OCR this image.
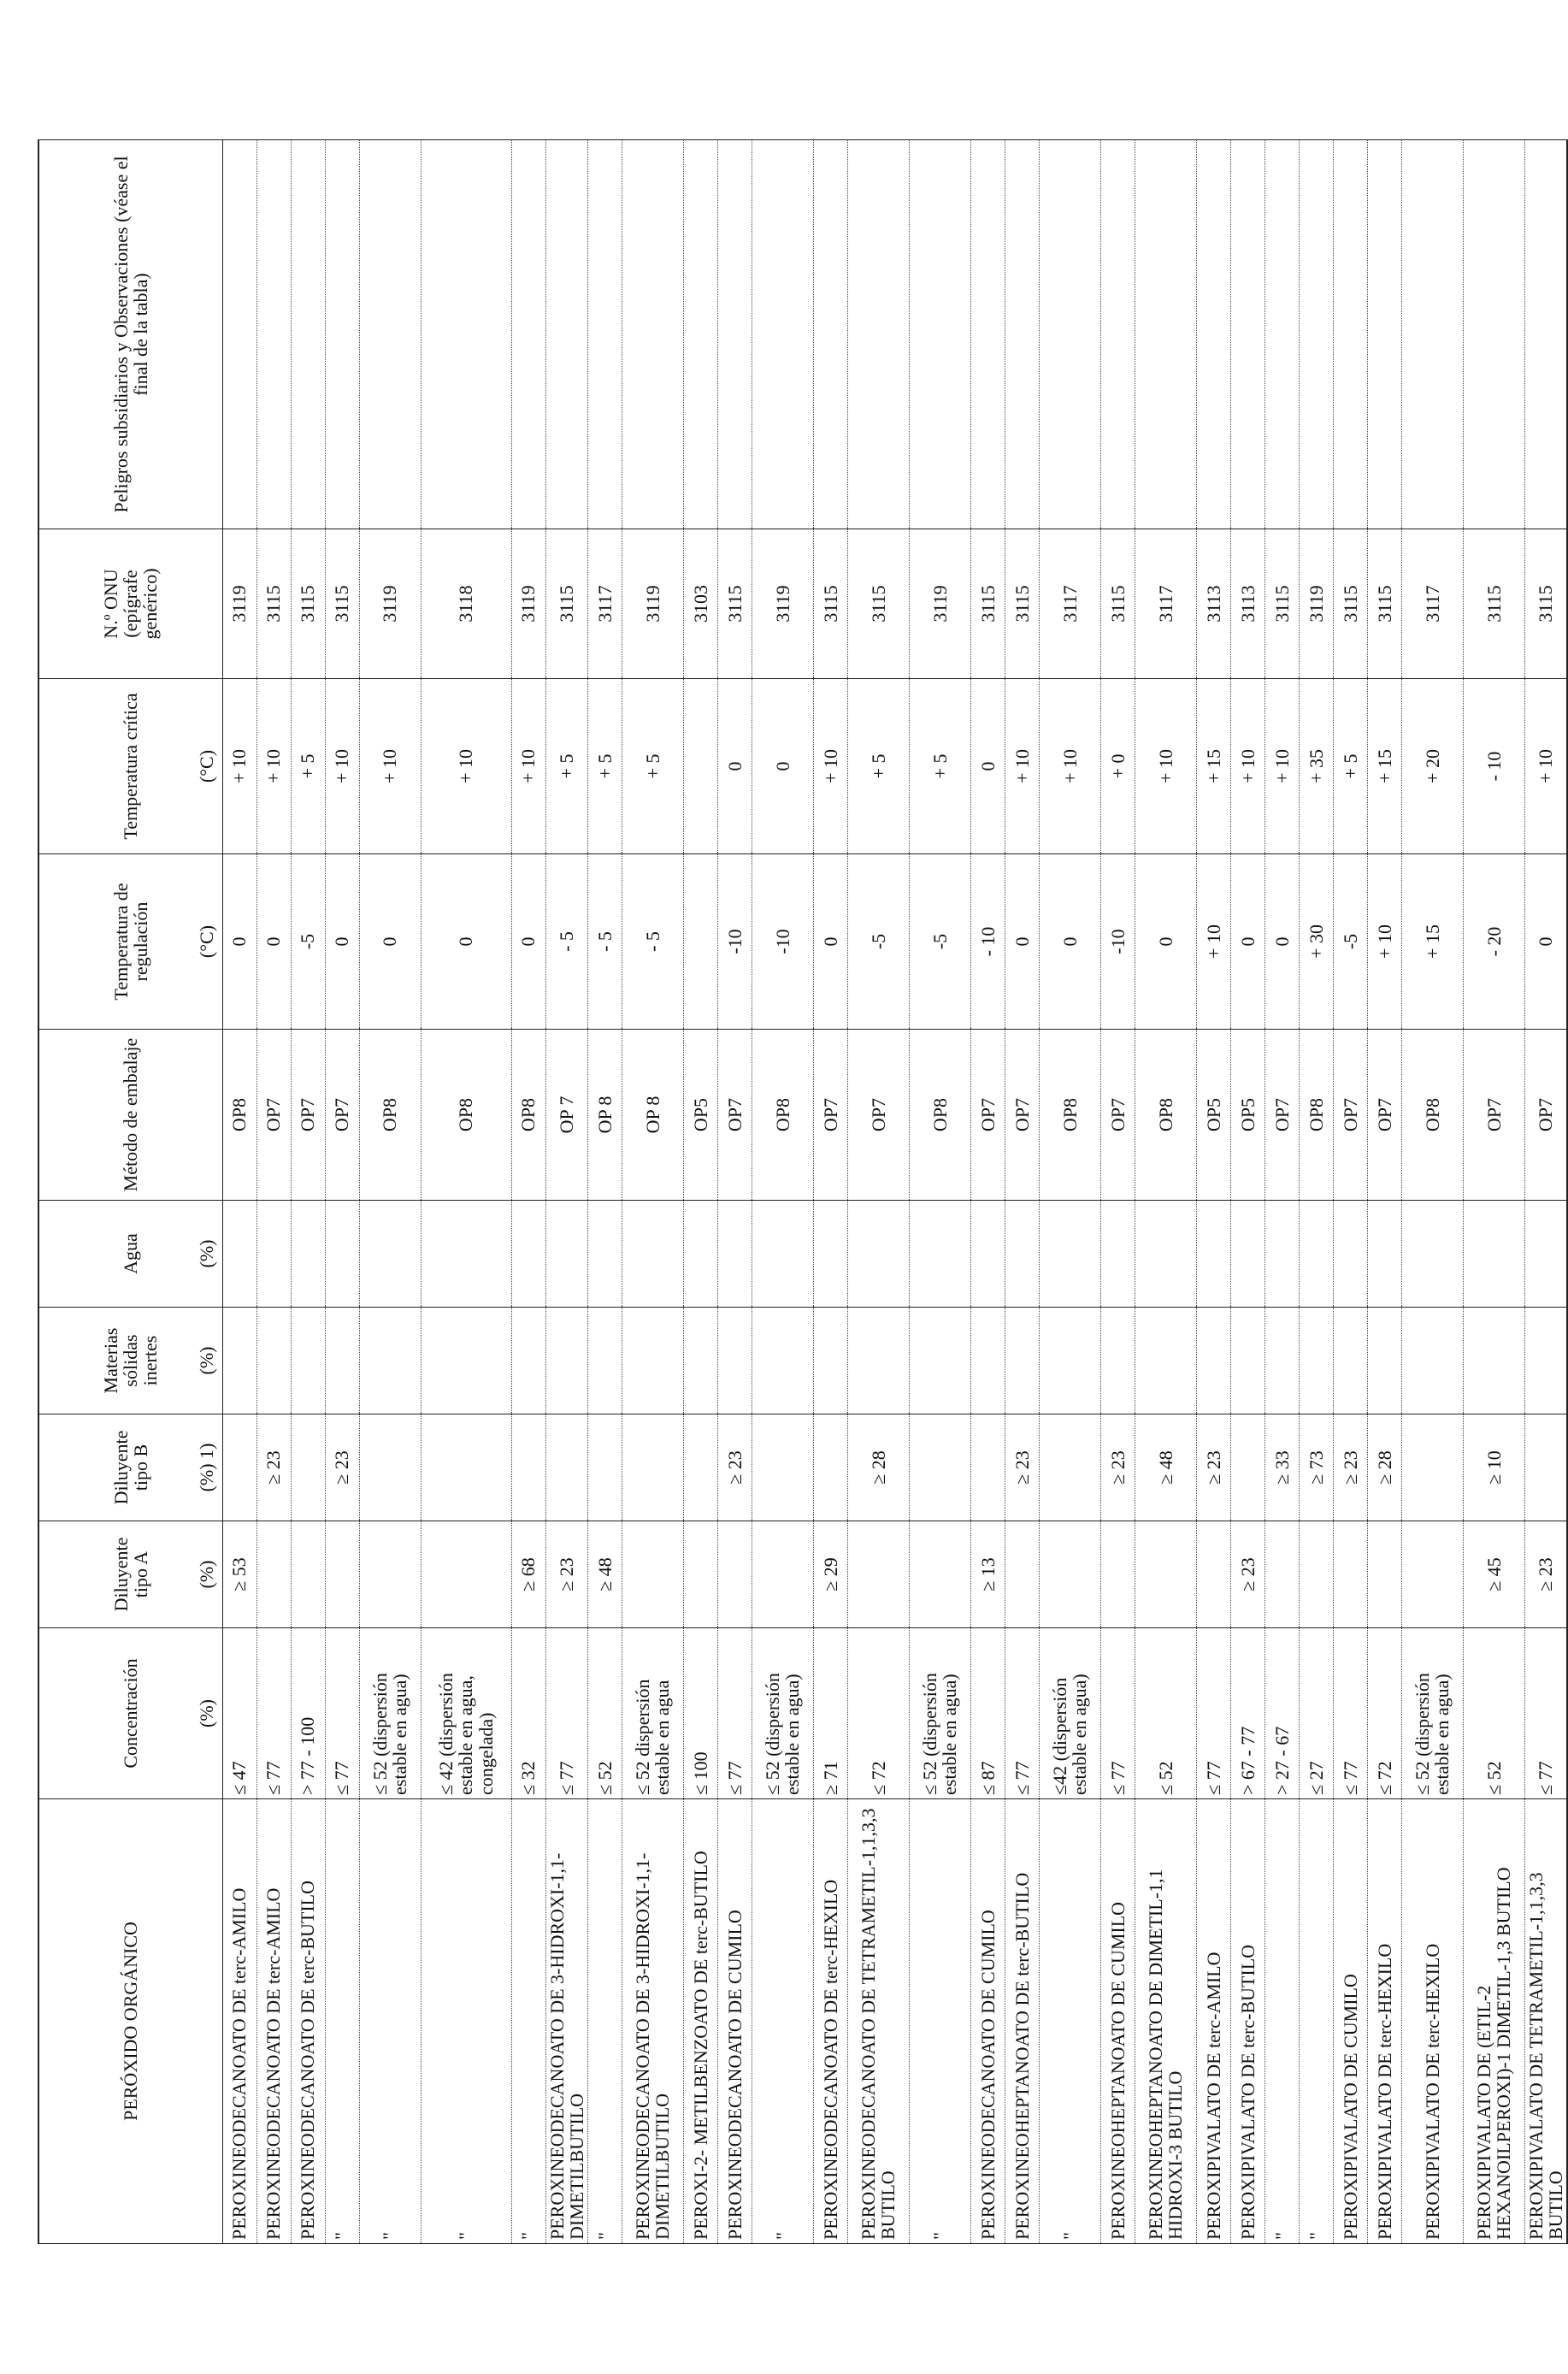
PERÓXIDO ORGÁNICO	Concentración (%)	Diluyente tipo A (%)	Diluyente tipo B (%) 1)	Materias sólidas inertes (%)	Agua (%)	Método de embalaje	Temperatura de regulación (°C)	Temperatura crítica (°C)	N.º ONU (epígrafe genérico)	Peligros subsidiarios y Observaciones (véase el final de la tabla)

PEROXINEODECANOATO DE terc-AMILO	≤ 47	≥ 53				OP8	0	+ 10	3119	
PEROXINEODECANOATO DE terc-AMILO	≤ 77		≥ 23			OP7	0	+ 10	3115	
PEROXINEODECANOATO DE terc-BUTILO	> 77 - 100					OP7	-5	+ 5	3115	
"	≤ 77		≥ 23			OP7	0	+ 10	3115	
"	≤ 52 (dispersión estable en agua)					OP8	0	+ 10	3119	
"	≤ 42 (dispersión estable en agua, congelada)					OP8	0	+ 10	3118	
"	≤ 32	≥ 68				OP8	0	+ 10	3119	
PEROXINEODECANOATO DE 3-HIDROXI-1,1-DIMETILBUTILO	≤ 77	≥ 23				OP 7	- 5	+ 5	3115	
"	≤ 52	≥ 48				OP 8	- 5	+ 5	3117	
PEROXINEODECANOATO DE 3-HIDROXI-1,1-DIMETILBUTILO	≤ 52 dispersión estable en agua					OP 8	- 5	+ 5	3119	
PEROXI-2- METILBENZOATO DE terc-BUTILO	≤ 100					OP5			3103	
PEROXINEODECANOATO DE CUMILO	≤ 77		≥ 23			OP7	-10	0	3115	
"	≤ 52 (dispersión estable en agua)					OP8	-10	0	3119	
PEROXINEODECANOATO DE terc-HEXILO	≥ 71	≥ 29				OP7	0	+ 10	3115	
PEROXINEODECANOATO DE TETRAMETIL-1,1,3,3 BUTILO	≤ 72		≥ 28			OP7	-5	+ 5	3115	
"	≤ 52 (dispersión estable en agua)					OP8	-5	+ 5	3119	
PEROXINEODECANOATO DE CUMILO	≤ 87	≥ 13				OP7	- 10	0	3115	
PEROXINEOHEPTANOATO DE terc-BUTILO	≤ 77		≥ 23			OP7	0	+ 10	3115	
"	≤42 (dispersión estable en agua)					OP8	0	+ 10	3117	
PEROXINEOHEPTANOATO DE CUMILO	≤ 77		≥ 23			OP7	-10	+ 0	3115	
PEROXINEOHEPTANOATO DE DIMETIL-1,1 HIDROXI-3 BUTILO	≤ 52		≥ 48			OP8	0	+ 10	3117	
PEROXIPIVALATO DE terc-AMILO	≤ 77		≥ 23			OP5	+ 10	+ 15	3113	
PEROXIPIVALATO DE terc-BUTILO	> 67 - 77	≥ 23				OP5	0	+ 10	3113	
"	> 27 - 67		≥ 33			OP7	0	+ 10	3115	
"	≤ 27		≥ 73			OP8	+ 30	+ 35	3119	
PEROXIPIVALATO DE CUMILO	≤ 77		≥ 23			OP7	-5	+ 5	3115	
PEROXIPIVALATO DE terc-HEXILO	≤ 72		≥ 28			OP7	+ 10	+ 15	3115	
PEROXIPIVALATO DE terc-HEXILO	≤ 52 (dispersión estable en agua)					OP8	+ 15	+ 20	3117	
PEROXIPIVALATO DE (ETIL-2 HEXANOILPEROXI)-1 DIMETIL-1,3 BUTILO	≤ 52	≥ 45	≥ 10			OP7	- 20	- 10	3115	
PEROXIPIVALATO DE TETRAMETIL-1,1,3,3 BUTILO	≤ 77	≥ 23				OP7	0	+ 10	3115	
